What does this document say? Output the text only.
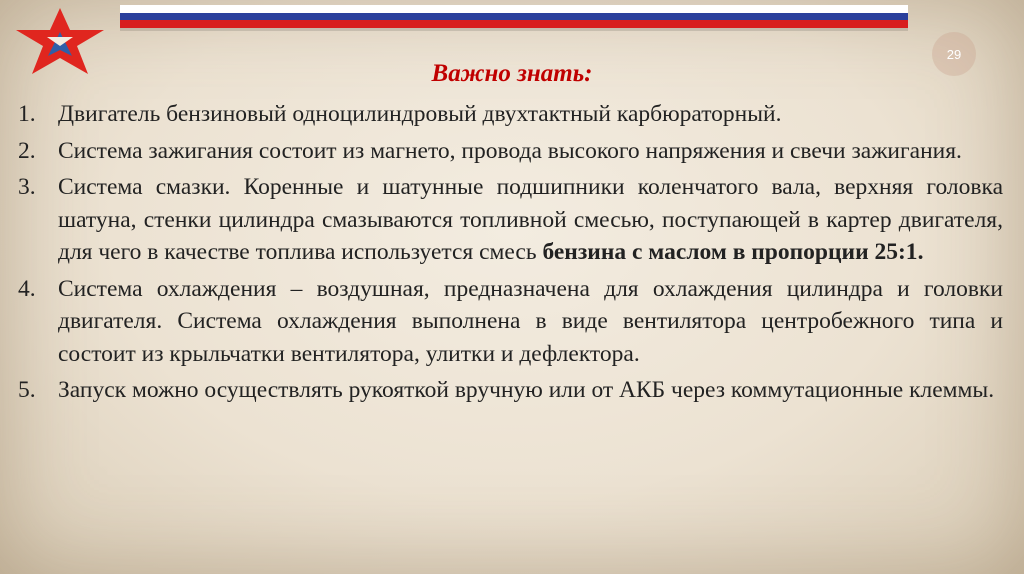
29
Важно знать:
1. Двигатель бензиновый одноцилиндровый двухтактный карбюраторный.
2. Система зажигания состоит из магнето, провода высокого напряжения и свечи зажигания.
3. Система смазки. Коренные и шатунные подшипники коленчатого вала, верхняя головка шатуна, стенки цилиндра смазываются топливной смесью, поступающей в картер двигателя, для чего в качестве топлива используется смесь бензина с маслом в пропорции 25:1.
4. Система охлаждения – воздушная, предназначена для охлаждения цилиндра и головки двигателя. Система охлаждения выполнена в виде вентилятора центробежного типа и состоит из крыльчатки вентилятора, улитки и дефлектора.
5. Запуск можно осуществлять рукояткой вручную или от АКБ через коммутационные клеммы.
